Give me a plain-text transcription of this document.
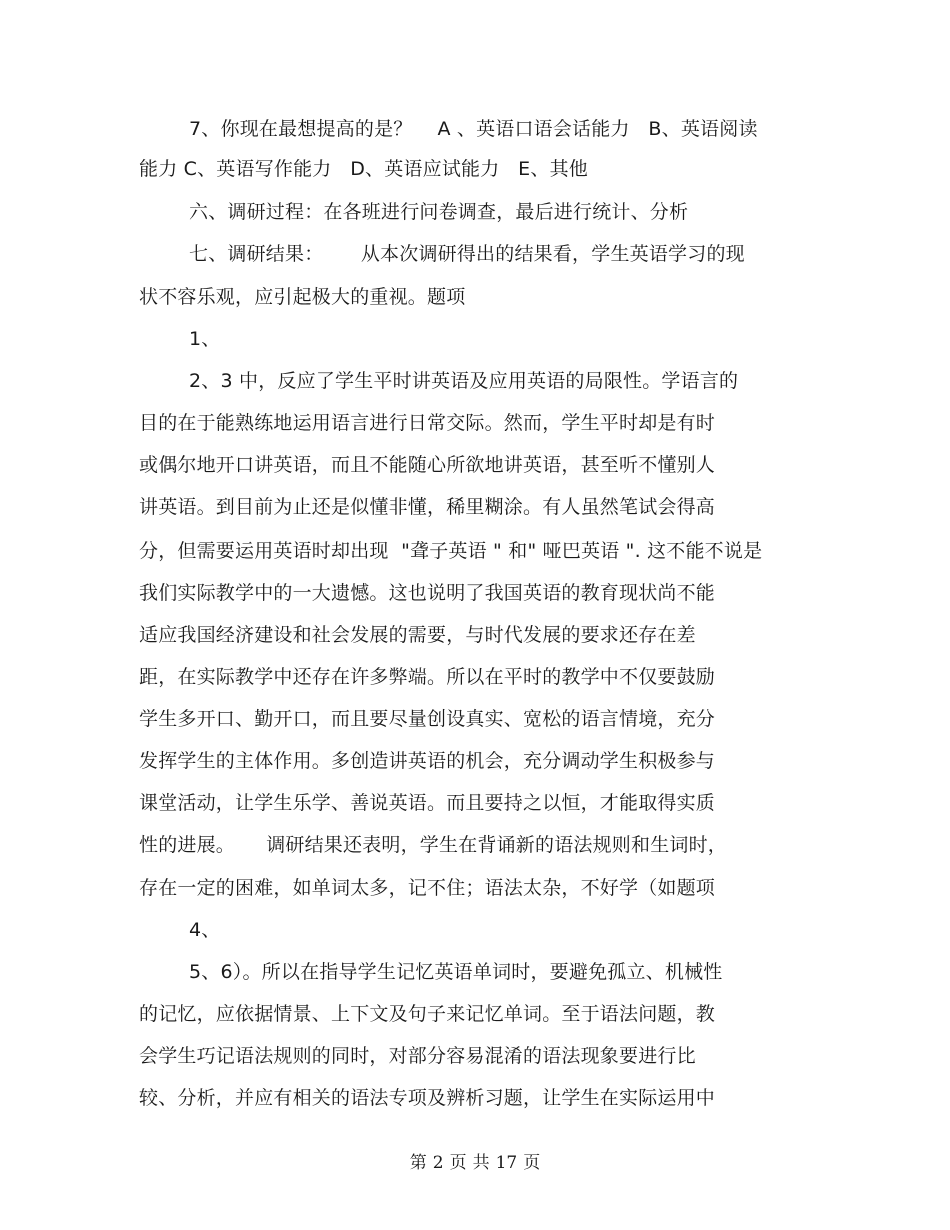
7、你现在最想提高的是？    A 、英语口语会话能力   B、英语阅读
能力 C、英语写作能力   D、英语应试能力   E、其他
六、调研过程：在各班进行问卷调查，最后进行统计、分析
七、调研结果：      从本次调研得出的结果看，学生英语学习的现
状不容乐观，应引起极大的重视。题项
1、
2、3 中，反应了学生平时讲英语及应用英语的局限性。学语言的
目的在于能熟练地运用语言进行日常交际。然而，学生平时却是有时
或偶尔地开口讲英语，而且不能随心所欲地讲英语，甚至听不懂别人
讲英语。到目前为止还是似懂非懂，稀里糊涂。有人虽然笔试会得高
分，但需要运用英语时却出现  "聋子英语 " 和" 哑巴英语 ". 这不能不说是
我们实际教学中的一大遗憾。这也说明了我国英语的教育现状尚不能
适应我国经济建设和社会发展的需要，与时代发展的要求还存在差
距，在实际教学中还存在许多弊端。所以在平时的教学中不仅要鼓励
学生多开口、勤开口，而且要尽量创设真实、宽松的语言情境，充分
发挥学生的主体作用。多创造讲英语的机会，充分调动学生积极参与
课堂活动，让学生乐学、善说英语。而且要持之以恒，才能取得实质
性的进展。     调研结果还表明，学生在背诵新的语法规则和生词时，
存在一定的困难，如单词太多，记不住；语法太杂，不好学（如题项
4、
5、6）。所以在指导学生记忆英语单词时，要避免孤立、机械性
的记忆，应依据情景、上下文及句子来记忆单词。至于语法问题，教
会学生巧记语法规则的同时，对部分容易混淆的语法现象要进行比
较、分析，并应有相关的语法专项及辨析习题，让学生在实际运用中
第 2 页 共 17 页
